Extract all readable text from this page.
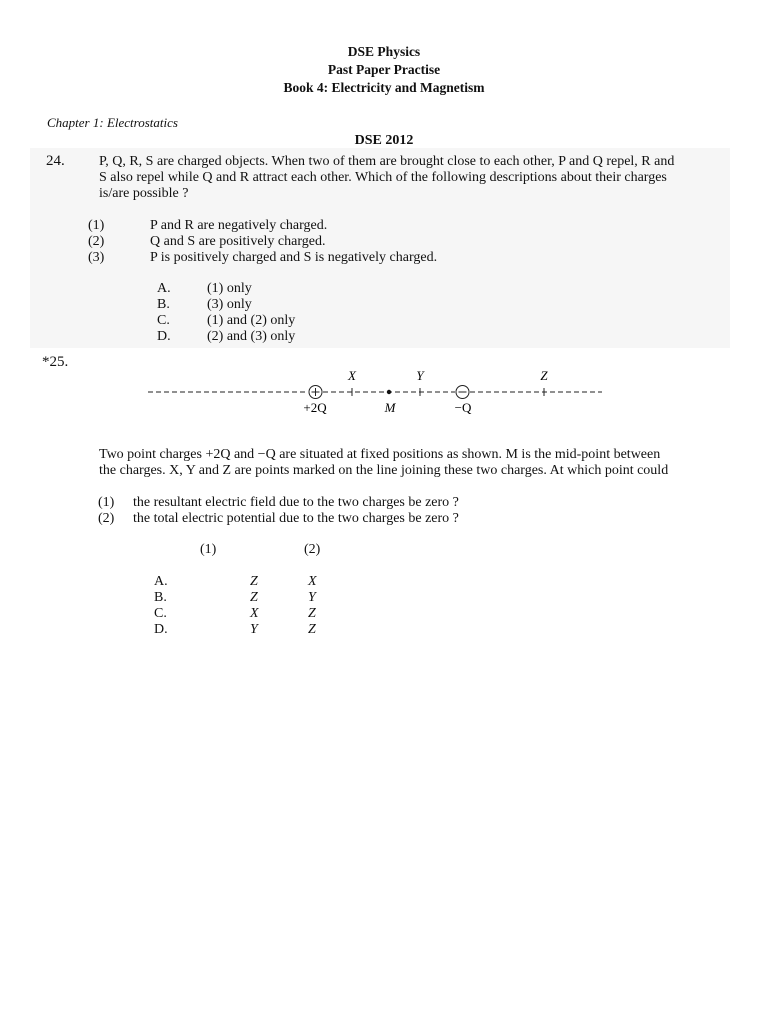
DSE Physics
Past Paper Practise
Book 4: Electricity and Magnetism
Chapter 1: Electrostatics
DSE 2012
24. P, Q, R, S are charged objects. When two of them are brought close to each other, P and Q repel, R and
S also repel while Q and R attract each other. Which of the following descriptions about their charges
is/are possible ?
(1)	P and R are negatively charged.
(2)	Q and S are positively charged.
(3)	P is positively charged and S is negatively charged.
A.	(1) only
B.	(3) only
C.	(1) and (2) only
D.	(2) and (3) only
*25.
X	Y	Z
+2Q	M	−Q
Two point charges +2Q and −Q are situated at fixed positions as shown. M is the mid-point between
the charges. X, Y and Z are points marked on the line joining these two charges. At which point could
(1)	the resultant electric field due to the two charges be zero ?
(2)	the total electric potential due to the two charges be zero ?
	(1)	(2)

A.	Z	X
B.	Z	Y
C.	X	Z
D.	Y	Z
